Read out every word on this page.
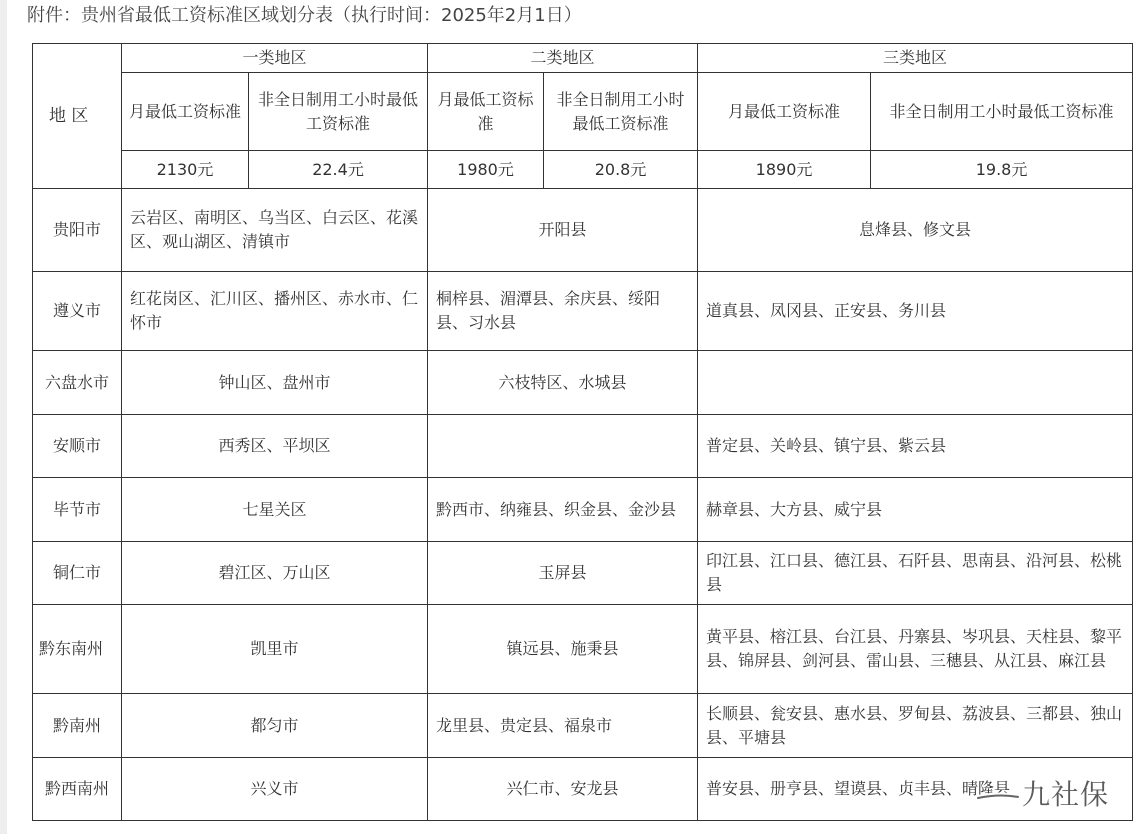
附件：贵州省最低工资标准区域划分表（执行时间：2025年2月1日）
地 区	一类地区		二类地区		三类地区	
	月最低工资标准	非全日制用工小时最低工资标准	月最低工资标准	非全日制用工小时最低工资标准	月最低工资标准	非全日制用工小时最低工资标准
	2130元	22.4元	1980元	20.8元	1890元	19.8元
贵阳市	云岩区、南明区、乌当区、白云区、花溪区、观山湖区、清镇市		开阳县		息烽县、修文县	
遵义市	红花岗区、汇川区、播州区、赤水市、仁怀市		桐梓县、湄潭县、余庆县、绥阳县、习水县		道真县、凤冈县、正安县、务川县	
六盘水市	钟山区、盘州市		六枝特区、水城县			
安顺市	西秀区、平坝区				普定县、关岭县、镇宁县、紫云县	
毕节市	七星关区		黔西市、纳雍县、织金县、金沙县		赫章县、大方县、威宁县	
铜仁市	碧江区、万山区		玉屏县		印江县、江口县、德江县、石阡县、思南县、沿河县、松桃县	
黔东南州	凯里市		镇远县、施秉县		黄平县、榕江县、台江县、丹寨县、岑巩县、天柱县、黎平县、锦屏县、剑河县、雷山县、三穗县、从江县、麻江县	
黔南州	都匀市		龙里县、贵定县、福泉市		长顺县、瓮安县、惠水县、罗甸县、荔波县、三都县、独山县、平塘县	
黔西南州	兴义市		兴仁市、安龙县		普安县、册亨县、望谟县、贞丰县、晴隆县	九社保
